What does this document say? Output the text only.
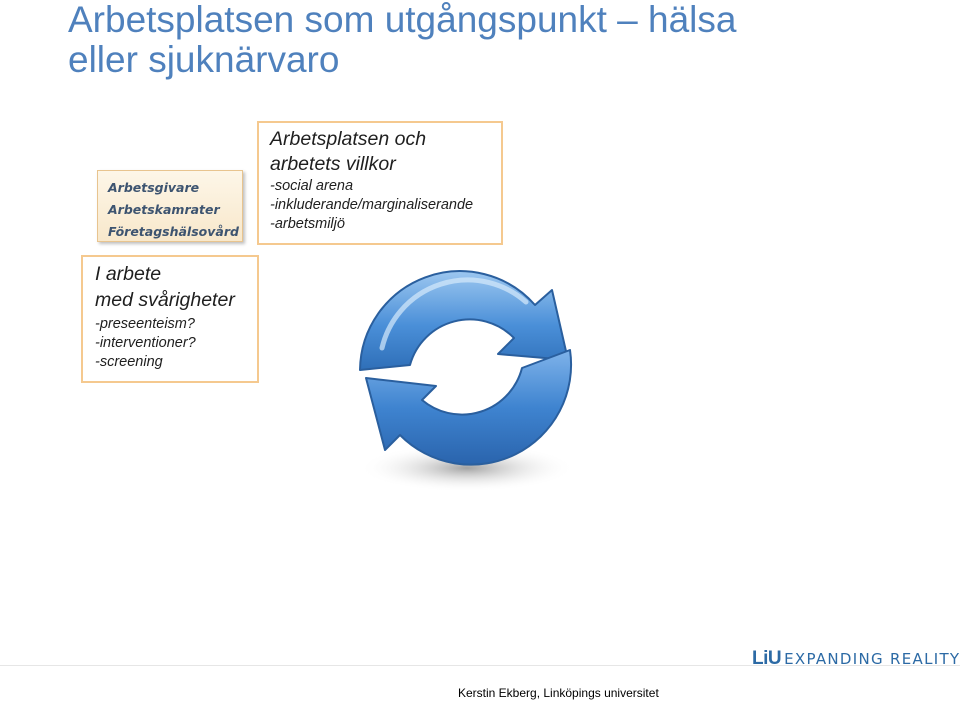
Arbetsplatsen som utgångspunkt – hälsa
eller sjuknärvaro
Arbetsgivare
Arbetskamrater
Företagshälsovård
Arbetsplatsen och
arbetets villkor
-social arena
-inkluderande/marginaliserande
-arbetsmiljö
I arbete
med svårigheter
-preseenteism?
-interventioner?
-screening
LiU EXPANDING REALITY
Kerstin Ekberg, Linköpings universitet
